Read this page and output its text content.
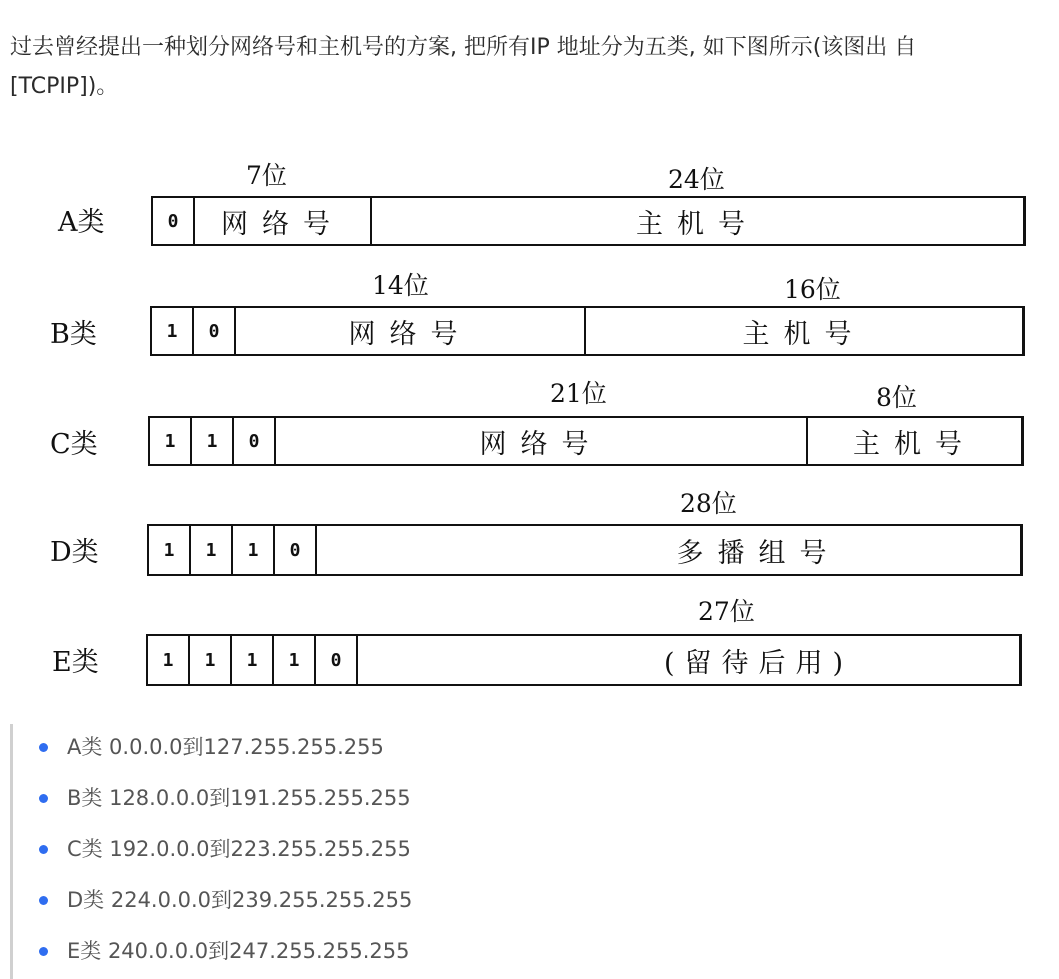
过去曾经提出一种划分网络号和主机号的方案, 把所有IP 地址分为五类, 如下图所示(该图出 自 [TCPIP])。

A类
7位	24位
0	网络号	主机号
B类
14位	16位
1	0	网络号	主机号
C类
21位	8位
1	1	0	网络号	主机号
D类
28位
1	1	1	0	多播组号
E类
27位
1	1	1	1	0	(留待后用)
A类 0.0.0.0到127.255.255.255
B类 128.0.0.0到191.255.255.255
C类 192.0.0.0到223.255.255.255
D类 224.0.0.0到239.255.255.255
E类 240.0.0.0到247.255.255.255
